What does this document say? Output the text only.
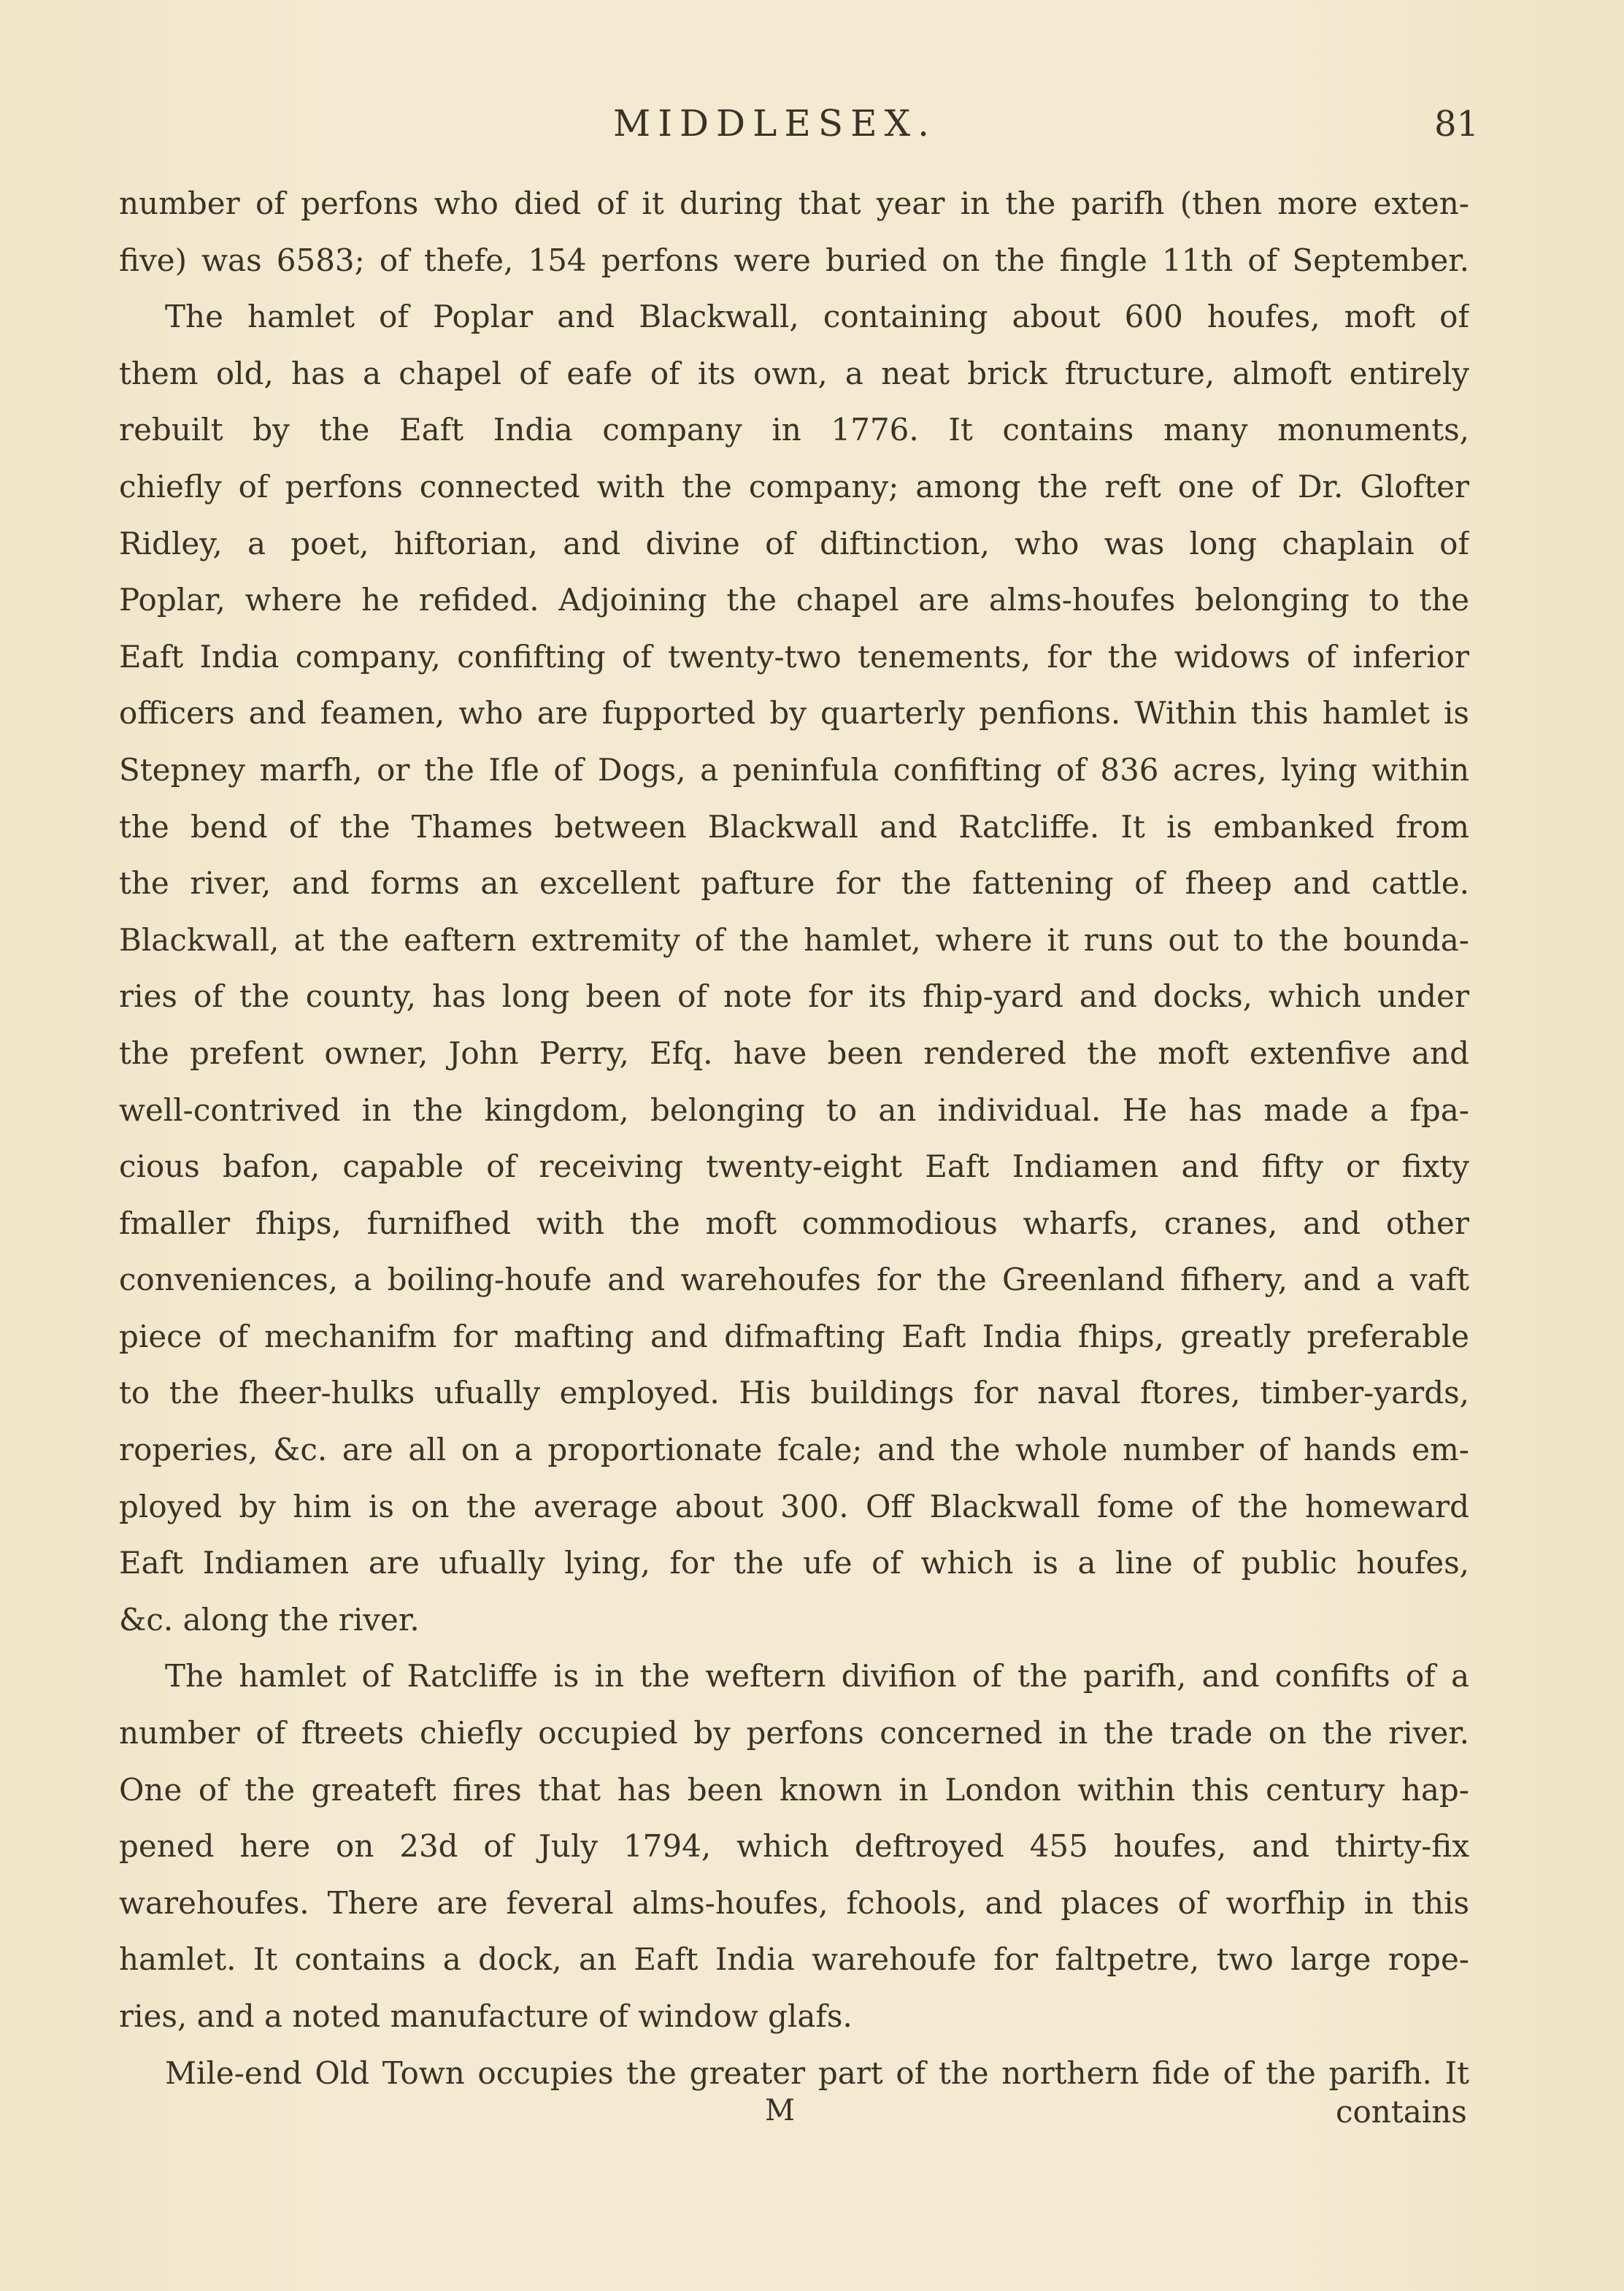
MIDDLESEX.	81
number of perfons who died of it during that year in the parifh (then more exten-
five) was 6583; of thefe, 154 perfons were buried on the fingle 11th of September.
The hamlet of Poplar and Blackwall, containing about 600 houfes, moft of
them old, has a chapel of eafe of its own, a neat brick ftructure, almoft entirely
rebuilt by the Eaft India company in 1776. It contains many monuments,
chiefly of perfons connected with the company; among the reft one of Dr. Glofter
Ridley, a poet, hiftorian, and divine of diftinction, who was long chaplain of
Poplar, where he refided. Adjoining the chapel are alms-houfes belonging to the
Eaft India company, confifting of twenty-two tenements, for the widows of inferior
officers and feamen, who are fupported by quarterly penfions. Within this hamlet is
Stepney marfh, or the Ifle of Dogs, a peninfula confifting of 836 acres, lying within
the bend of the Thames between Blackwall and Ratcliffe. It is embanked from
the river, and forms an excellent pafture for the fattening of fheep and cattle.
Blackwall, at the eaftern extremity of the hamlet, where it runs out to the bounda-
ries of the county, has long been of note for its fhip-yard and docks, which under
the prefent owner, John Perry, Efq. have been rendered the moft extenfive and
well-contrived in the kingdom, belonging to an individual. He has made a fpa-
cious bafon, capable of receiving twenty-eight Eaft Indiamen and fifty or fixty
fmaller fhips, furnifhed with the moft commodious wharfs, cranes, and other
conveniences, a boiling-houfe and warehoufes for the Greenland fifhery, and a vaft
piece of mechanifm for mafting and difmafting Eaft India fhips, greatly preferable
to the fheer-hulks ufually employed. His buildings for naval ftores, timber-yards,
roperies, &c. are all on a proportionate fcale; and the whole number of hands em-
ployed by him is on the average about 300. Off Blackwall fome of the homeward
Eaft Indiamen are ufually lying, for the ufe of which is a line of public houfes,
&c. along the river.
The hamlet of Ratcliffe is in the weftern divifion of the parifh, and confifts of a
number of ftreets chiefly occupied by perfons concerned in the trade on the river.
One of the greateft fires that has been known in London within this century hap-
pened here on 23d of July 1794, which deftroyed 455 houfes, and thirty-fix
warehoufes. There are feveral alms-houfes, fchools, and places of worfhip in this
hamlet. It contains a dock, an Eaft India warehoufe for faltpetre, two large rope-
ries, and a noted manufacture of window glafs.
Mile-end Old Town occupies the greater part of the northern fide of the parifh. It
M	contains
